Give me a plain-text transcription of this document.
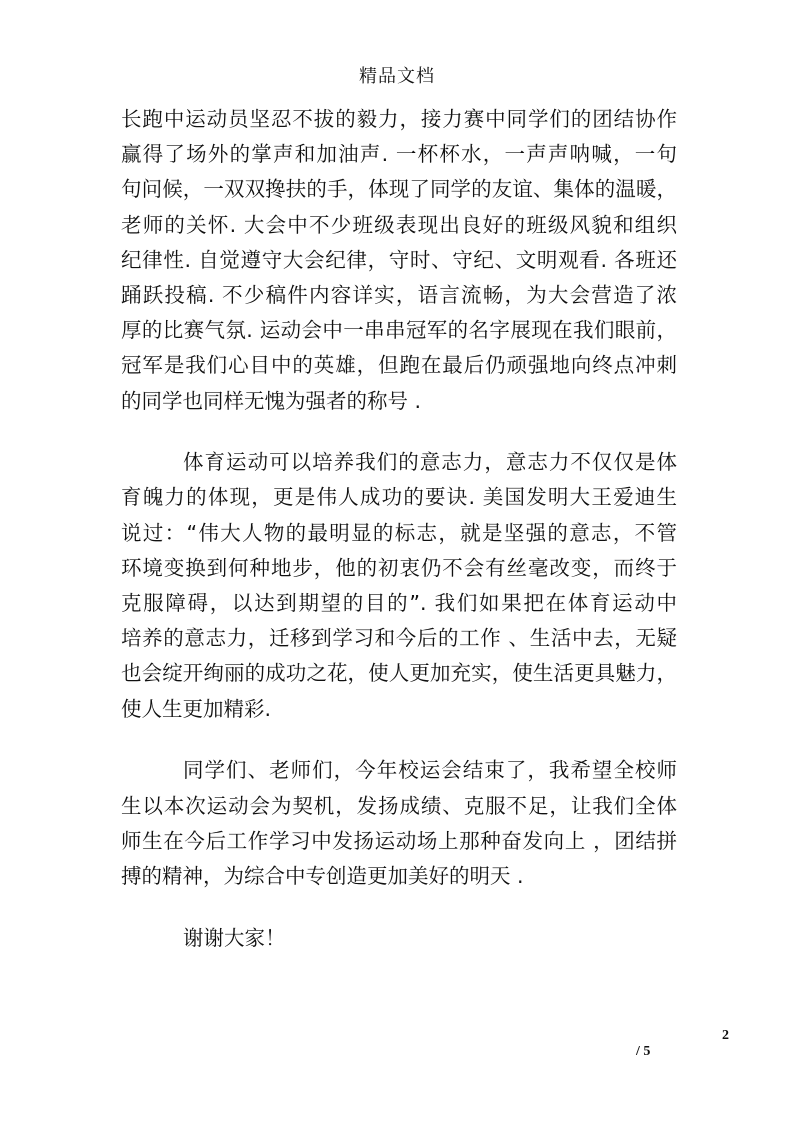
精品文档
长跑中运动员坚忍不拔的毅力，接力赛中同学们的团结协作
赢得了场外的掌声和加油声. 一杯杯水，一声声呐喊，一句
句问候，一双双搀扶的手，体现了同学的友谊、集体的温暖，
老师的关怀. 大会中不少班级表现出良好的班级风貌和组织
纪律性. 自觉遵守大会纪律，守时、守纪、文明观看. 各班还
踊跃投稿. 不少稿件内容详实，语言流畅，为大会营造了浓
厚的比赛气氛. 运动会中一串串冠军的名字展现在我们眼前，
冠军是我们心目中的英雄，但跑在最后仍顽强地向终点冲刺
的同学也同样无愧为强者的称号 .
体育运动可以培养我们的意志力，意志力不仅仅是体
育魄力的体现，更是伟人成功的要诀. 美国发明大王爱迪生
说过：“伟大人物的最明显的标志，就是坚强的意志，不管
环境变换到何种地步，他的初衷仍不会有丝毫改变，而终于
克服障碍，以达到期望的目的”. 我们如果把在体育运动中
培养的意志力，迁移到学习和今后的工作 、生活中去，无疑
也会绽开绚丽的成功之花，使人更加充实，使生活更具魅力，
使人生更加精彩.
同学们、老师们，今年校运会结束了，我希望全校师
生以本次运动会为契机，发扬成绩、克服不足，让我们全体
师生在今后工作学习中发扬运动场上那种奋发向上 ，团结拼
搏的精神，为综合中专创造更加美好的明天 .
谢谢大家！
2
/ 5
